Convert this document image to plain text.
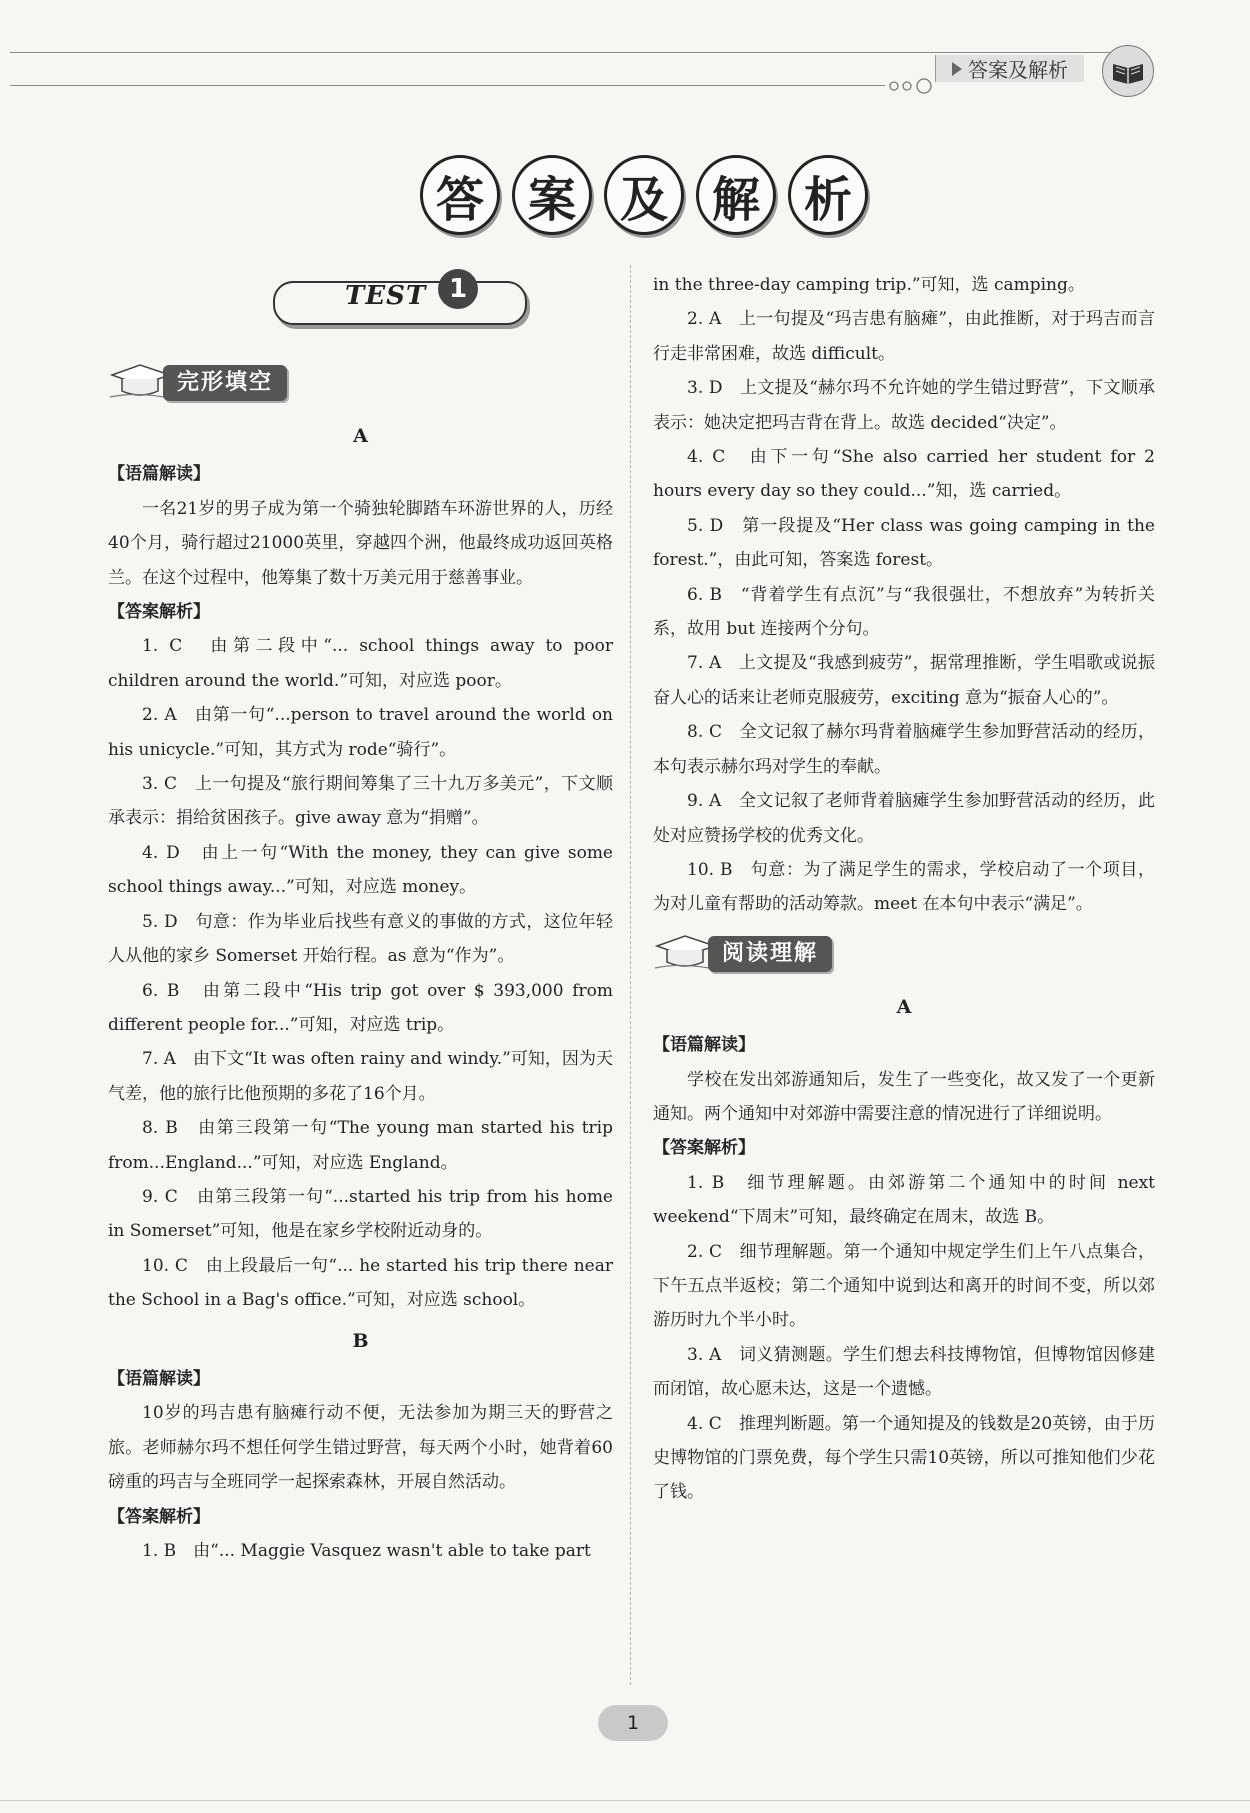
答案及解析
答 案 及 解 析
TEST 1
完形填空

A

【语篇解读】

一名21岁的男子成为第一个骑独轮脚踏车环游世界的人，历经40个月，骑行超过21000英里，穿越四个洲，他最终成功返回英格兰。在这个过程中，他筹集了数十万美元用于慈善事业。

【答案解析】

1. C　由第二段中“... school things away to poor children around the world.”可知，对应选 poor。

2. A　由第一句“...person to travel around the world on his unicycle.”可知，其方式为 rode“骑行”。

3. C　上一句提及“旅行期间筹集了三十九万多美元”，下文顺承表示：捐给贫困孩子。give away 意为“捐赠”。

4. D　由上一句“With the money, they can give some school things away...”可知，对应选 money。

5. D　句意：作为毕业后找些有意义的事做的方式，这位年轻人从他的家乡 Somerset 开始行程。as 意为“作为”。

6. B　由第二段中“His trip got over $ 393,000 from different people for...”可知，对应选 trip。

7. A　由下文“It was often rainy and windy.”可知，因为天气差，他的旅行比他预期的多花了16个月。

8. B　由第三段第一句“The young man started his trip from...England...”可知，对应选 England。

9. C　由第三段第一句“...started his trip from his home in Somerset”可知，他是在家乡学校附近动身的。

10. C　由上段最后一句“... he started his trip there near the School in a Bag's office.”可知，对应选 school。

B

【语篇解读】

10岁的玛吉患有脑瘫行动不便，无法参加为期三天的野营之旅。老师赫尔玛不想任何学生错过野营，每天两个小时，她背着60磅重的玛吉与全班同学一起探索森林，开展自然活动。

【答案解析】

1. B　由“... Maggie Vasquez wasn't able to take part

in the three-day camping trip.”可知，选 camping。

2. A　上一句提及“玛吉患有脑瘫”，由此推断，对于玛吉而言行走非常困难，故选 difficult。

3. D　上文提及“赫尔玛不允许她的学生错过野营”，下文顺承表示：她决定把玛吉背在背上。故选 decided“决定”。

4. C　由下一句“She also carried her student for 2 hours every day so they could...”知，选 carried。

5. D　第一段提及“Her class was going camping in the forest.”，由此可知，答案选 forest。

6. B　“背着学生有点沉”与“我很强壮，不想放弃”为转折关系，故用 but 连接两个分句。

7. A　上文提及“我感到疲劳”，据常理推断，学生唱歌或说振奋人心的话来让老师克服疲劳，exciting 意为“振奋人心的”。

8. C　全文记叙了赫尔玛背着脑瘫学生参加野营活动的经历，本句表示赫尔玛对学生的奉献。

9. A　全文记叙了老师背着脑瘫学生参加野营活动的经历，此处对应赞扬学校的优秀文化。

10. B　句意：为了满足学生的需求，学校启动了一个项目，为对儿童有帮助的活动筹款。meet 在本句中表示“满足”。

阅读理解

A

【语篇解读】

学校在发出郊游通知后，发生了一些变化，故又发了一个更新通知。两个通知中对郊游中需要注意的情况进行了详细说明。

【答案解析】

1. B　细节理解题。由郊游第二个通知中的时间 next weekend“下周末”可知，最终确定在周末，故选 B。

2. C　细节理解题。第一个通知中规定学生们上午八点集合，下午五点半返校；第二个通知中说到达和离开的时间不变，所以郊游历时九个半小时。

3. A　词义猜测题。学生们想去科技博物馆，但博物馆因修建而闭馆，故心愿未达，这是一个遗憾。

4. C　推理判断题。第一个通知提及的钱数是20英镑，由于历史博物馆的门票免费，每个学生只需10英镑，所以可推知他们少花了钱。

1
